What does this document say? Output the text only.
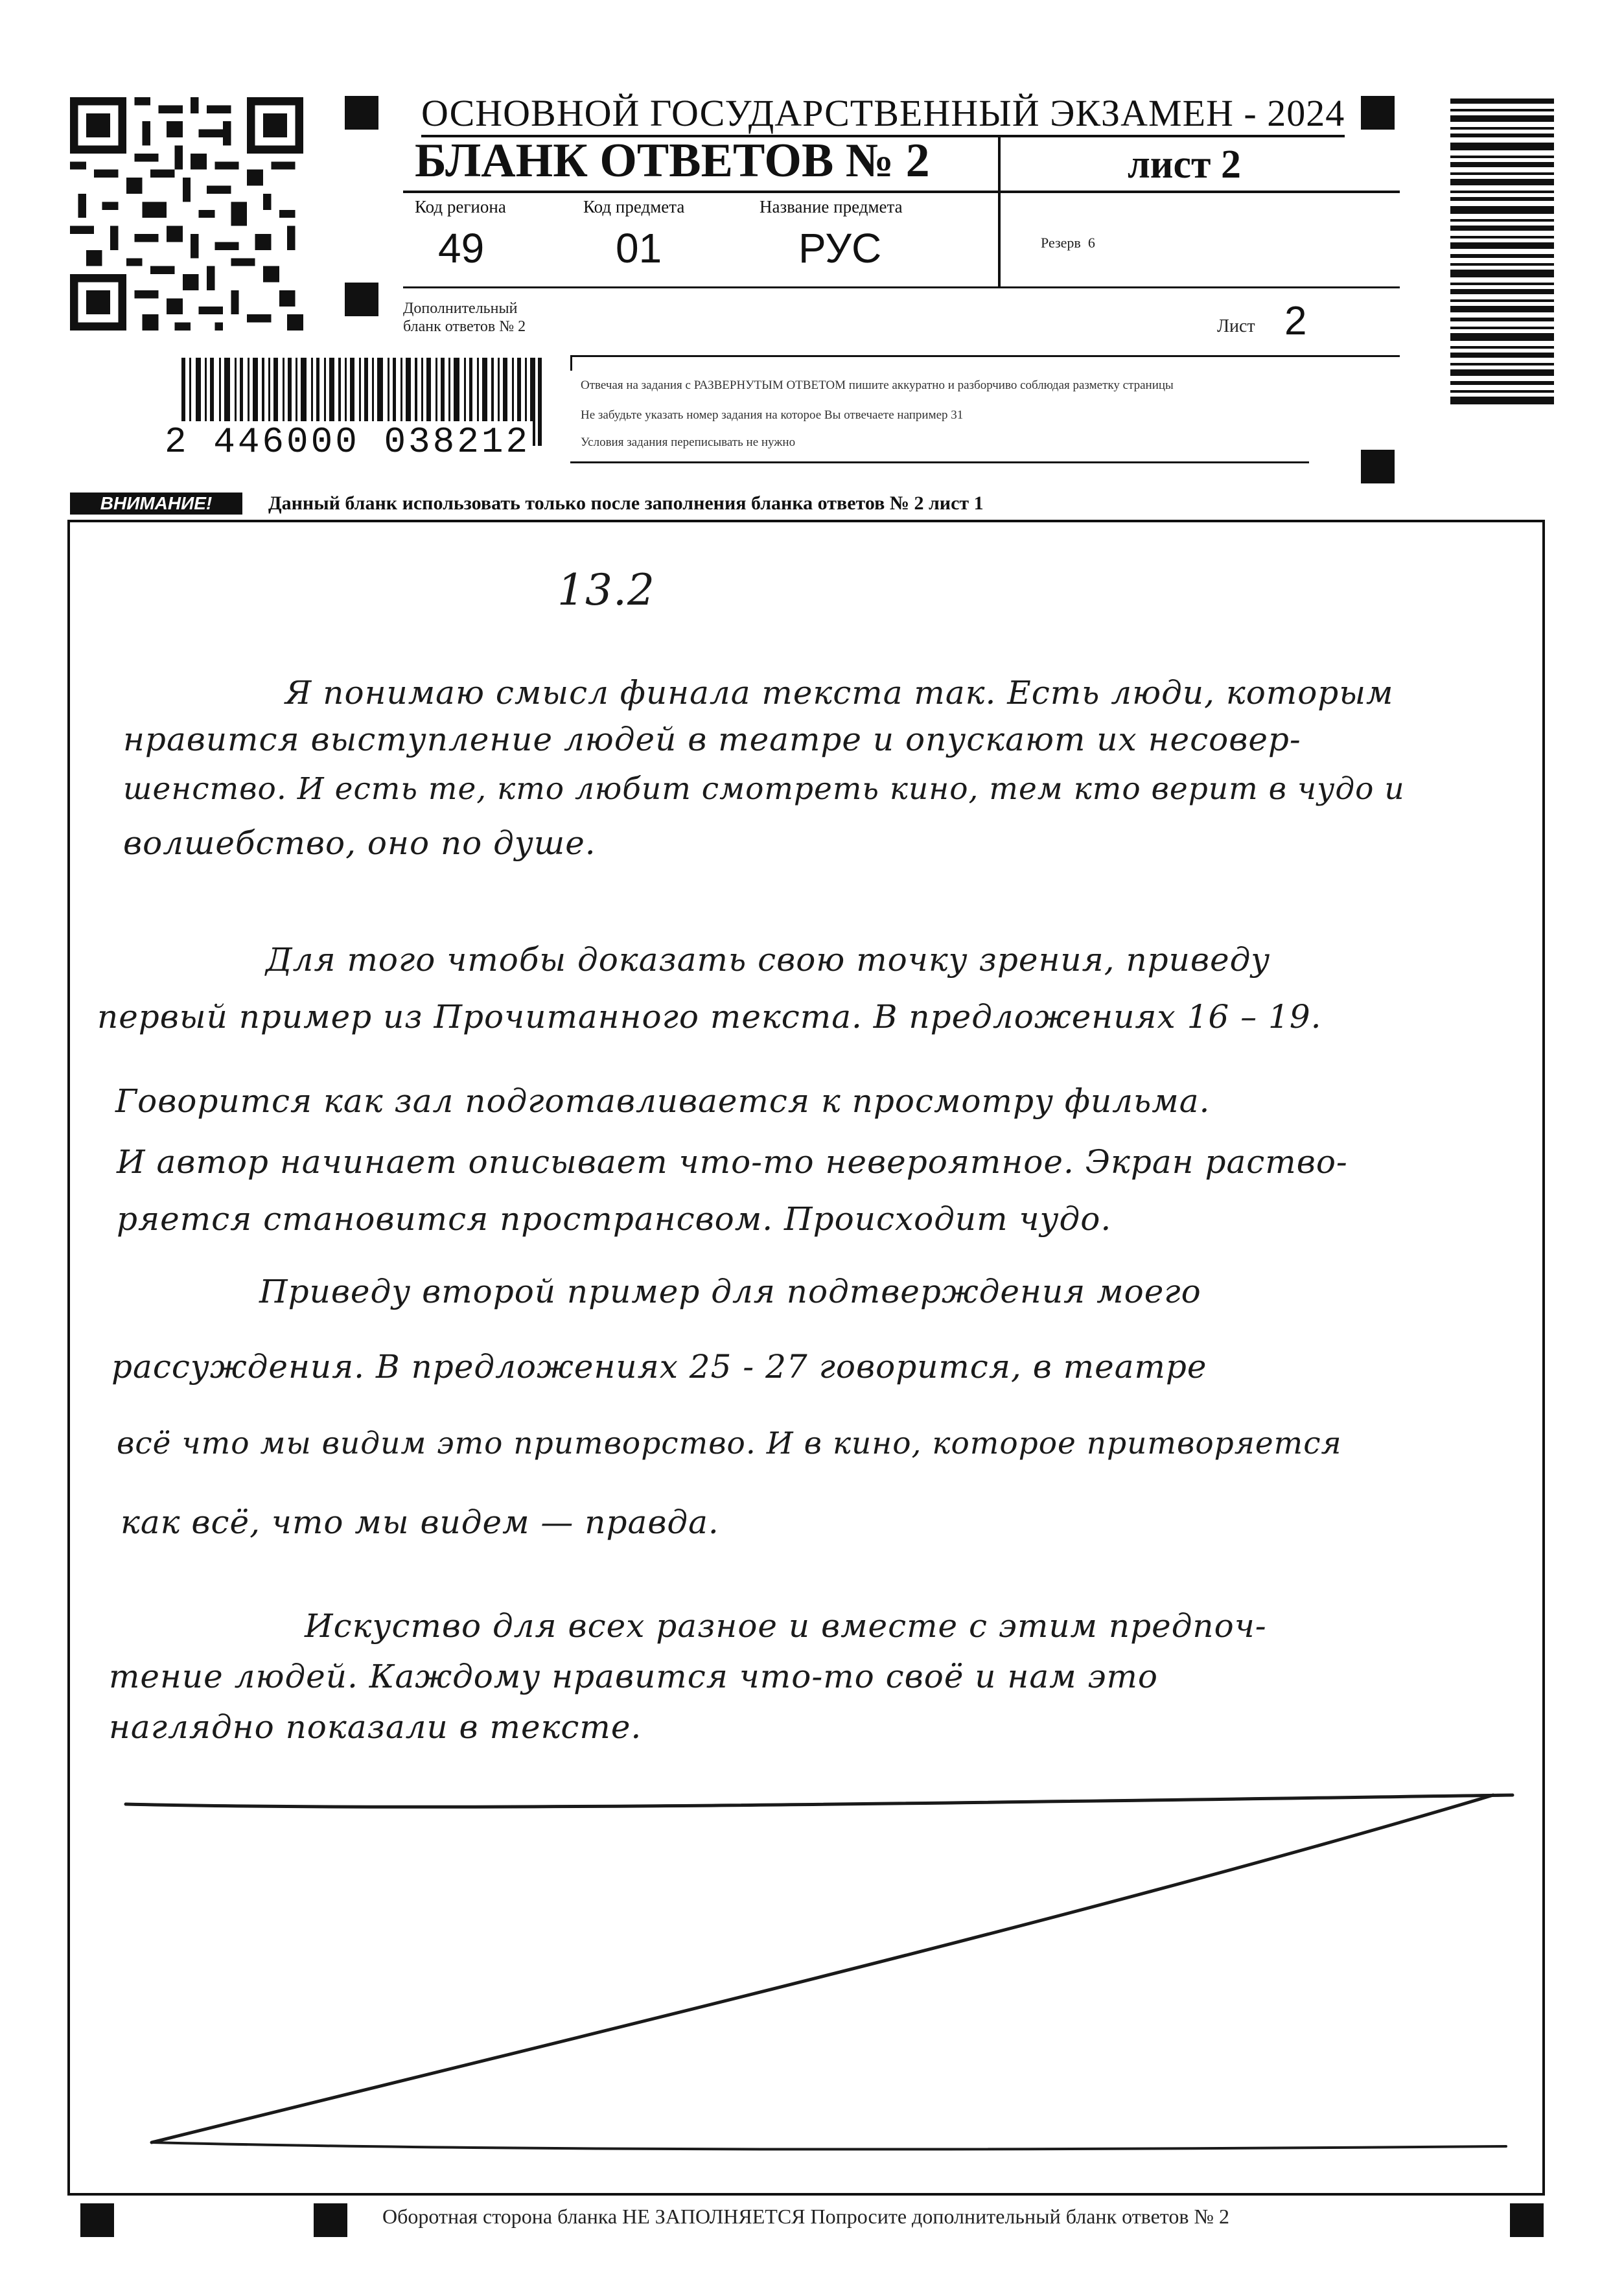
ОСНОВНОЙ ГОСУДАРСТВЕННЫЙ ЭКЗАМЕН - 2024
БЛАНК ОТВЕТОВ № 2	лист 2
Код региона
49
Код предмета
01
Название предмета
РУС	Резерв 6
Дополнительный
бланк ответов № 2	Лист 2
Отвечая на задания с РАЗВЕРНУТЫМ ОТВЕТОМ пишите аккуратно и разборчиво соблюдая разметку страницы
Не забудьте указать номер задания на которое Вы отвечаете например 31
Условия задания переписывать не нужно
2 446000 038212
ВНИМАНИЕ!	Данный бланк использовать только после заполнения бланка ответов № 2 лист 1
13.2
Я понимаю смысл финала текста так. Есть люди, которым
нравится выступление людей в театре и опускают их несовер-
шенство. И есть те, кто любит смотреть кино, тем кто верит в чудо и
волшебство, оно по душе.
Для того чтобы доказать свою точку зрения, приведу
первый пример из Прочитанного текста. В предложениях 16 – 19.
Говорится как зал подготавливается к просмотру фильма.
И автор начинает описывает что-то невероятное. Экран раство-
ряется становится пространсвом. Происходит чудо.
Приведу второй пример для подтверждения моего
рассуждения. В предложениях 25 - 27 говорится, в театре
всё что мы видим это притворство. И в кино, которое притворяется
как всё, что мы видем — правда.
Искуство для всех разное и вместе с этим предпоч-
тение людей. Каждому нравится что-то своё и нам это
наглядно показали в тексте.
Оборотная сторона бланка НЕ ЗАПОЛНЯЕТСЯ Попросите дополнительный бланк ответов № 2
